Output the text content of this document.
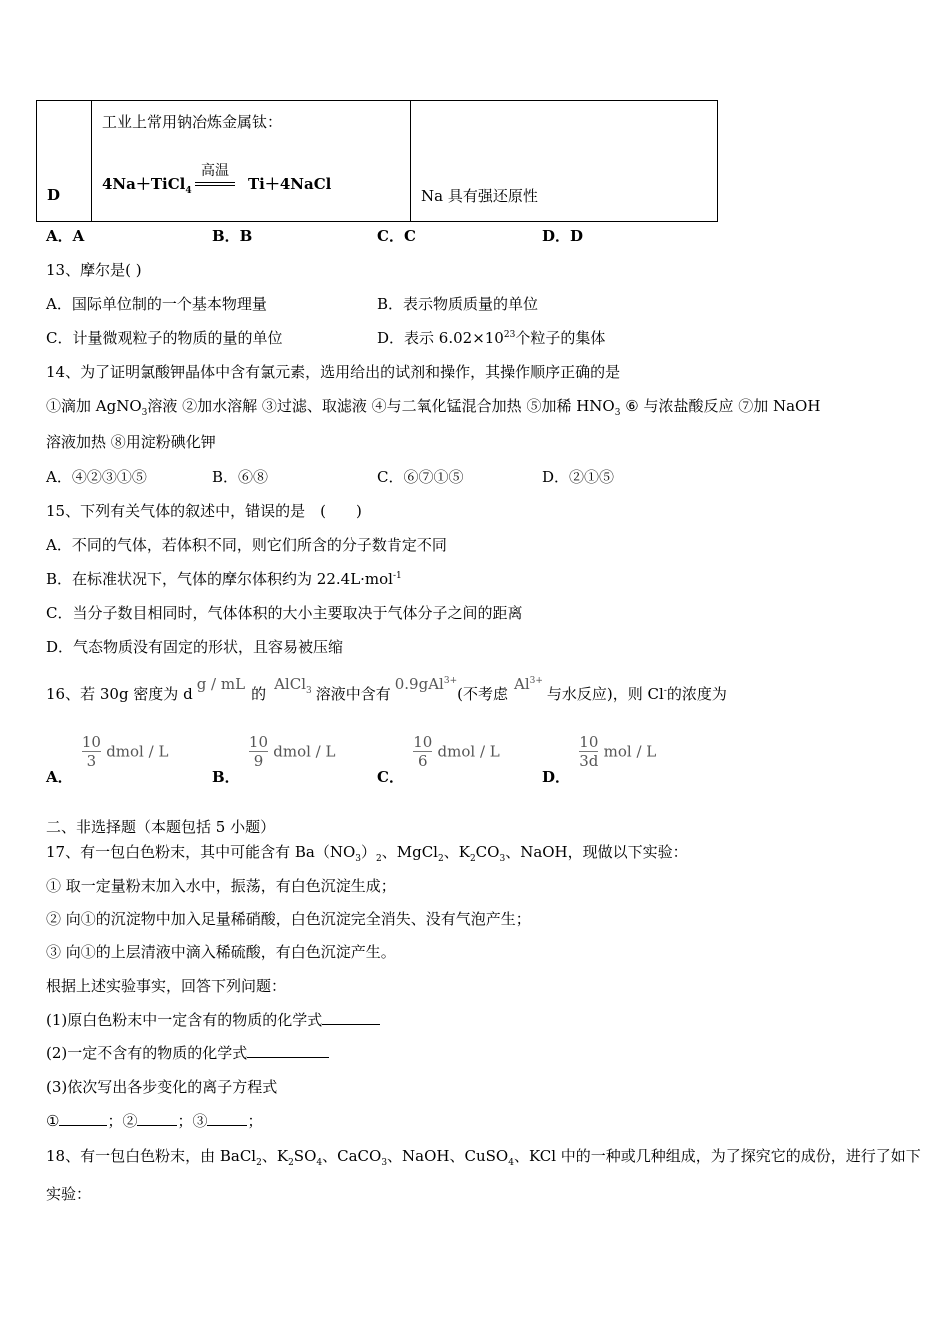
D

工业上常用钠冶炼金属钛：
4Na＋TiCl$_4$
高温
Ti＋4NaCl

Na 具有强还原性
A．A	B．B	C．C	D．D
13、摩尔是( )
A．国际单位制的一个基本物理量	B．表示物质质量的单位
C．计量微观粒子的物质的量的单位	D．表示 $6.02\times 10^{23}$个粒子的集体
14、为了证明氯酸钾晶体中含有氯元素，选用给出的试剂和操作，其操作顺序正确的是
①滴加 AgNO$_3$溶液 ②加水溶解 ③过滤、取滤液 ④与二氧化锰混合加热 ⑤加稀 $HNO_3$ ⑥ 与浓盐酸反应 ⑦加 NaOH
溶液加热 ⑧用淀粉碘化钾
A．④②③①⑤	B．⑥⑧	C．⑥⑦①⑤	D．②①⑤
15、下列有关气体的叙述中，错误的是　(　　)
A．不同的气体，若体积不同，则它们所含的分子数肯定不同
B．在标准状况下，气体的摩尔体积约为 22.4L·mol$^{-1}$
C．当分子数目相同时，气体体积的大小主要取决于气体分子之间的距离
D．气态物质没有固定的形状，且容易被压缩
16、若 30g 密度为 dg / mL的AlCl$_3$ 溶液中含有0.9gAl$^{3+}$(不考虑$Al^{3+}$与水反应)，则 Cl-的浓度为
A．
$\frac{10}{3}$ dmol / L
B．
$\frac{10}{9}$ dmol / L
C．
$\frac{10}{6}$ dmol / L
D．
$\frac{10}{3d}$ mol / L
二、非选择题（本题包括 5 小题）
17、有一包白色粉末，其中可能含有 $Ba(NO_3)_2$、MgCl$_2$、$K_2CO_3$、NaOH，现做以下实验：
① 取一定量粉末加入水中，振荡，有白色沉淀生成；
② 向①的沉淀物中加入足量稀硝酸，白色沉淀完全消失、没有气泡产生；
③ 向①的上层清液中滴入稀硫酸，有白色沉淀产生。
根据上述实验事实，回答下列问题：
(1)原白色粉末中一定含有的物质的化学式
(2)一定不含有的物质的化学式
(3)依次写出各步变化的离子方程式
①	；②	；③	；
18、有一包白色粉末，由 BaCl$_2$、$K_2SO_4$、CaCO$_3$、NaOH、CuSO$_4$、KCl 中的一种或几种组成，为了探究它的成份，进行了如下
实验：
